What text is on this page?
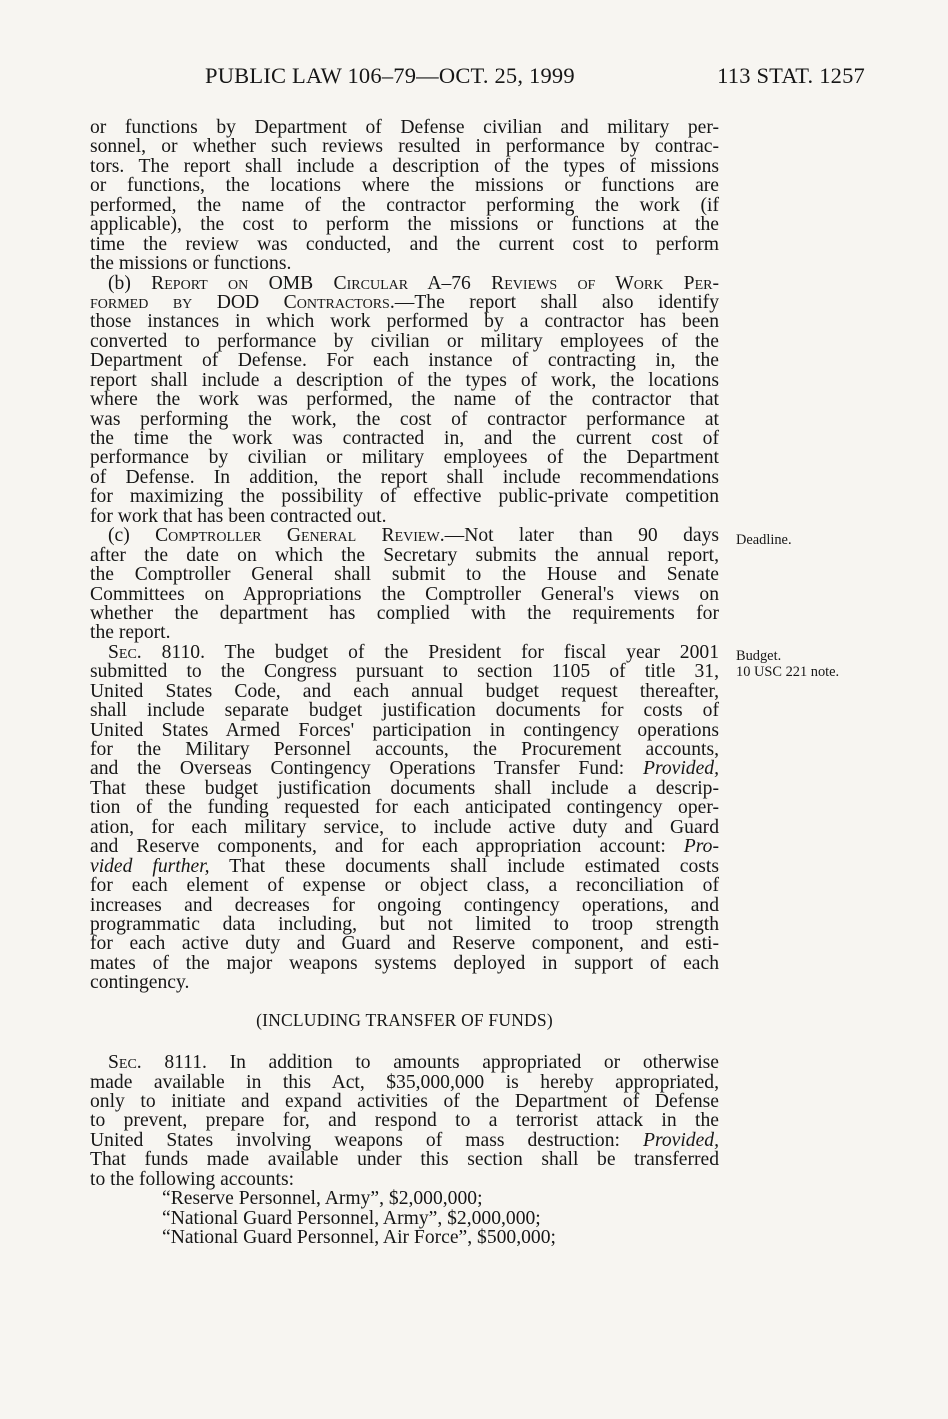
PUBLIC LAW 106–79—OCT. 25, 1999	113 STAT. 1257
Deadline.
Budget.
10 USC 221 note.
or functions by Department of Defense civilian and military per-
sonnel, or whether such reviews resulted in performance by contrac-
tors. The report shall include a description of the types of missions
or functions, the locations where the missions or functions are
performed, the name of the contractor performing the work (if
applicable), the cost to perform the missions or functions at the
time the review was conducted, and the current cost to perform
the missions or functions.
(b) Report on OMB Circular A–76 Reviews of Work Per-
formed by DOD Contractors.—The report shall also identify
those instances in which work performed by a contractor has been
converted to performance by civilian or military employees of the
Department of Defense. For each instance of contracting in, the
report shall include a description of the types of work, the locations
where the work was performed, the name of the contractor that
was performing the work, the cost of contractor performance at
the time the work was contracted in, and the current cost of
performance by civilian or military employees of the Department
of Defense. In addition, the report shall include recommendations
for maximizing the possibility of effective public-private competition
for work that has been contracted out.
(c) Comptroller General Review.—Not later than 90 days
after the date on which the Secretary submits the annual report,
the Comptroller General shall submit to the House and Senate
Committees on Appropriations the Comptroller General's views on
whether the department has complied with the requirements for
the report.
Sec. 8110. The budget of the President for fiscal year 2001
submitted to the Congress pursuant to section 1105 of title 31,
United States Code, and each annual budget request thereafter,
shall include separate budget justification documents for costs of
United States Armed Forces' participation in contingency operations
for the Military Personnel accounts, the Procurement accounts,
and the Overseas Contingency Operations Transfer Fund: Provided,
That these budget justification documents shall include a descrip-
tion of the funding requested for each anticipated contingency oper-
ation, for each military service, to include active duty and Guard
and Reserve components, and for each appropriation account: Pro-
vided further, That these documents shall include estimated costs
for each element of expense or object class, a reconciliation of
increases and decreases for ongoing contingency operations, and
programmatic data including, but not limited to troop strength
for each active duty and Guard and Reserve component, and esti-
mates of the major weapons systems deployed in support of each
contingency.
(INCLUDING TRANSFER OF FUNDS)
Sec. 8111. In addition to amounts appropriated or otherwise
made available in this Act, $35,000,000 is hereby appropriated,
only to initiate and expand activities of the Department of Defense
to prevent, prepare for, and respond to a terrorist attack in the
United States involving weapons of mass destruction: Provided,
That funds made available under this section shall be transferred
to the following accounts:
“Reserve Personnel, Army”, $2,000,000;
“National Guard Personnel, Army”, $2,000,000;
“National Guard Personnel, Air Force”, $500,000;
